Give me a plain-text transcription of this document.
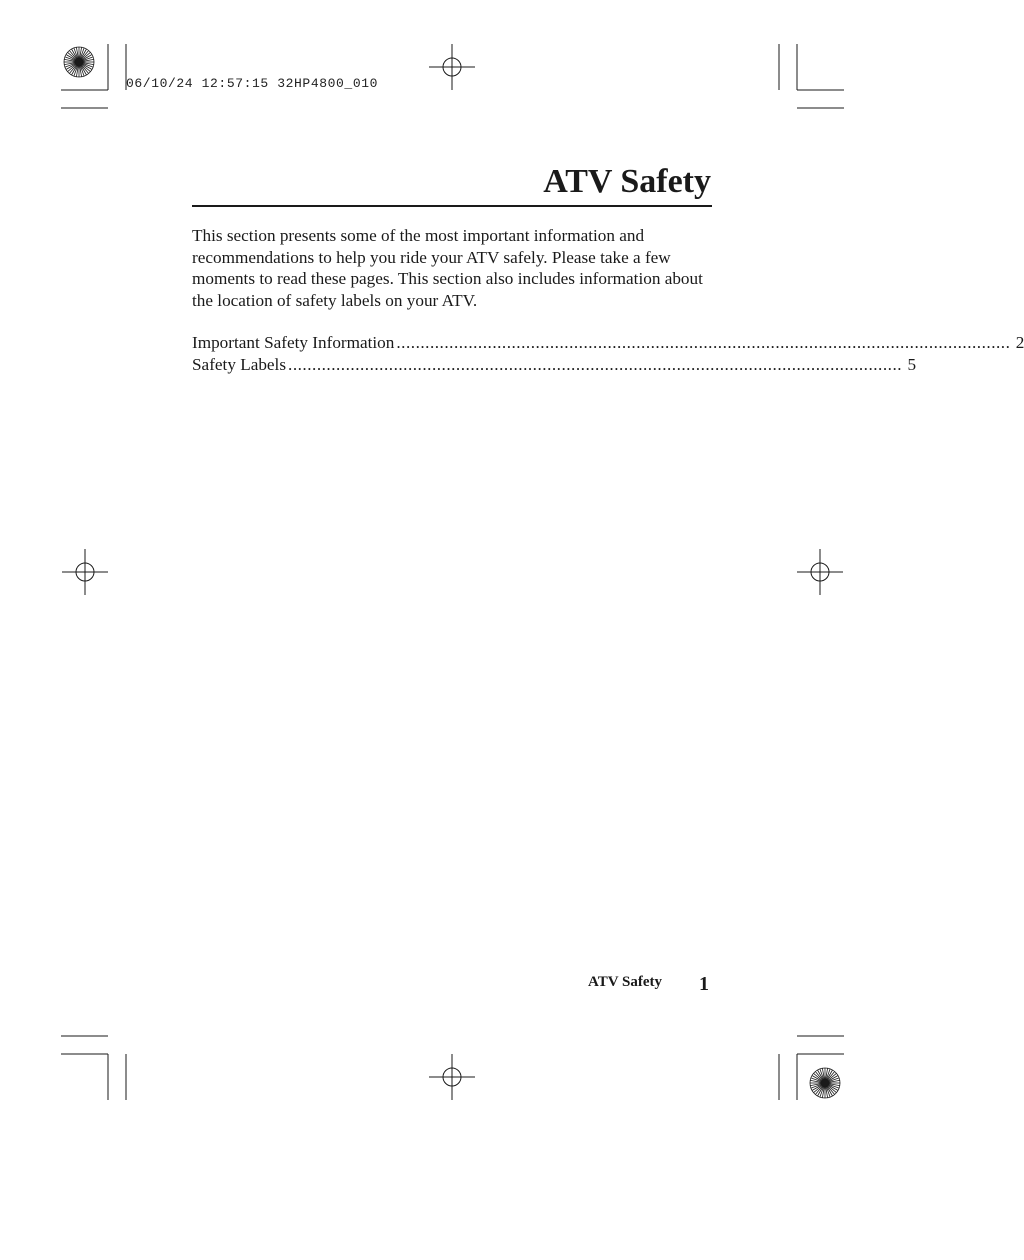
06/10/24 12:57:15 32HP4800_010
ATV Safety

This section presents some of the most important information and recommendations to help you ride your ATV safely. Please take a few moments to read these pages. This section also includes information about the location of safety labels on your ATV.

Important Safety Information ................................................................................................................................ 2
Safety Labels ................................................................................................................................ 5
ATV Safety 1
